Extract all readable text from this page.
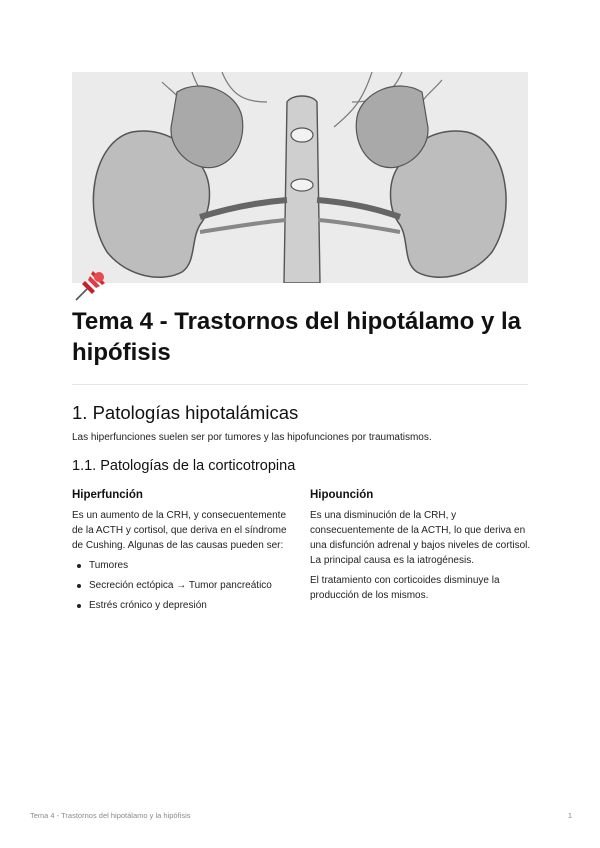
Tema 4 - Trastornos del hipotálamo y la hipófisis
1. Patologías hipotalámicas

Las hiperfunciones suelen ser por tumores y las hipofunciones por traumatismos.

1.1. Patologías de la corticotropina
Hiperfunción

Es un aumento de la CRH, y consecuentemente de la ACTH y cortisol, que deriva en el síndrome de Cushing. Algunas de las causas pueden ser:

Tumores
Secreción ectópica → Tumor pancreático
Estrés crónico y depresión
Hipounción

Es una disminución de la CRH, y consecuentemente de la ACTH, lo que deriva en una disfunción adrenal y bajos niveles de cortisol. La principal causa es la iatrogénesis.

El tratamiento con corticoides disminuye la producción de los mismos.

Tema 4 - Trastornos del hipotálamo y la hipófisis	1
